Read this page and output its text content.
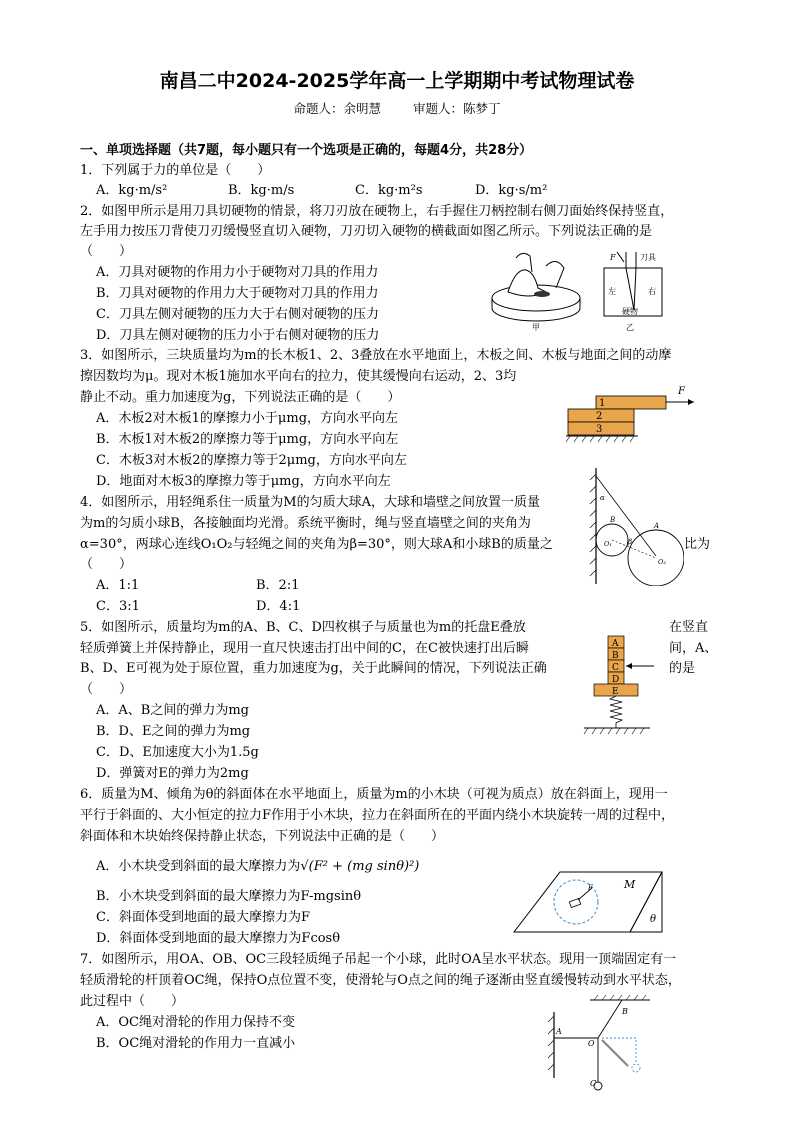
南昌二中2024-2025学年高一上学期期中考试物理试卷
命题人：余明慧	审题人：陈梦丁
一、单项选择题（共7题，每小题只有一个选项是正确的，每题4分，共28分）
1．下列属于力的单位是（　　）
A．kg·m/s²	B．kg·m/s	C．kg·m²s	D．kg·s/m²
2．如图甲所示是用刀具切硬物的情景，将刀刃放在硬物上，右手握住刀柄控制右侧刀面始终保持竖直，
左手用力按压刀背使刀刃缓慢竖直切入硬物，刀刃切入硬物的横截面如图乙所示。下列说法正确的是
（　　）
A．刀具对硬物的作用力小于硬物对刀具的作用力
B．刀具对硬物的作用力大于硬物对刀具的作用力
C．刀具左侧对硬物的压力大于右侧对硬物的压力
D．刀具左侧对硬物的压力小于右侧对硬物的压力
甲
F	刀具
左	右
硬物
乙
3．如图所示，三块质量均为m的长木板1、2、3叠放在水平地面上，木板之间、木板与地面之间的动摩
擦因数均为μ。现对木板1施加水平向右的拉力，使其缓慢向右运动，2、3均
静止不动。重力加速度为g，下列说法正确的是（　　）
A．木板2对木板1的摩擦力小于μmg，方向水平向左
B．木板1对木板2的摩擦力等于μmg，方向水平向左
C．木板3对木板2的摩擦力等于2μmg，方向水平向左
D．地面对木板3的摩擦力等于μmg，方向水平向左
1
2
3
F
4．如图所示，用轻绳系住一质量为M的匀质大球A，大球和墙壁之间放置一质量
为m的匀质小球B，各接触面均光滑。系统平衡时，绳与竖直墙壁之间的夹角为
α=30°，两球心连线O₁O₂与轻绳之间的夹角为β=30°，则大球A和小球B的质量之	比为
（　　）
A．1:1	B．2:1
C．3:1	D．4:1
α
β
B
A
O₁
O₂
5．如图所示，质量均为m的A、B、C、D四枚棋子与质量也为m的托盘E叠放	在竖直
轻质弹簧上并保持静止，现用一直尺快速击打出中间的C，在C被快速打出后瞬	间，A、
B、D、E可视为处于原位置，重力加速度为g，关于此瞬间的情况，下列说法正确	的是
（　　）
A．A、B之间的弹力为mg
B．D、E之间的弹力为mg
C．D、E加速度大小为1.5g
D．弹簧对E的弹力为2mg
A
B
C
D
E
6．质量为M、倾角为θ的斜面体在水平地面上，质量为m的小木块（可视为质点）放在斜面上，现用一
平行于斜面的、大小恒定的拉力F作用于小木块，拉力在斜面所在的平面内绕小木块旋转一周的过程中，
斜面体和木块始终保持静止状态，下列说法中正确的是（　　）
A．小木块受到斜面的最大摩擦力为√(F² + (mg sinθ)²)
B．小木块受到斜面的最大摩擦力为F-mgsinθ
C．斜面体受到地面的最大摩擦力为F
D．斜面体受到地面的最大摩擦力为Fcosθ
F	M
θ
7．如图所示，用OA、OB、OC三段轻质绳子吊起一个小球，此时OA呈水平状态。现用一顶端固定有一
轻质滑轮的杆顶着OC绳，保持O点位置不变，使滑轮与O点之间的绳子逐渐由竖直缓慢转动到水平状态，
此过程中（　　）
A．OC绳对滑轮的作用力保持不变
B．OC绳对滑轮的作用力一直减小
A
B
O
C
